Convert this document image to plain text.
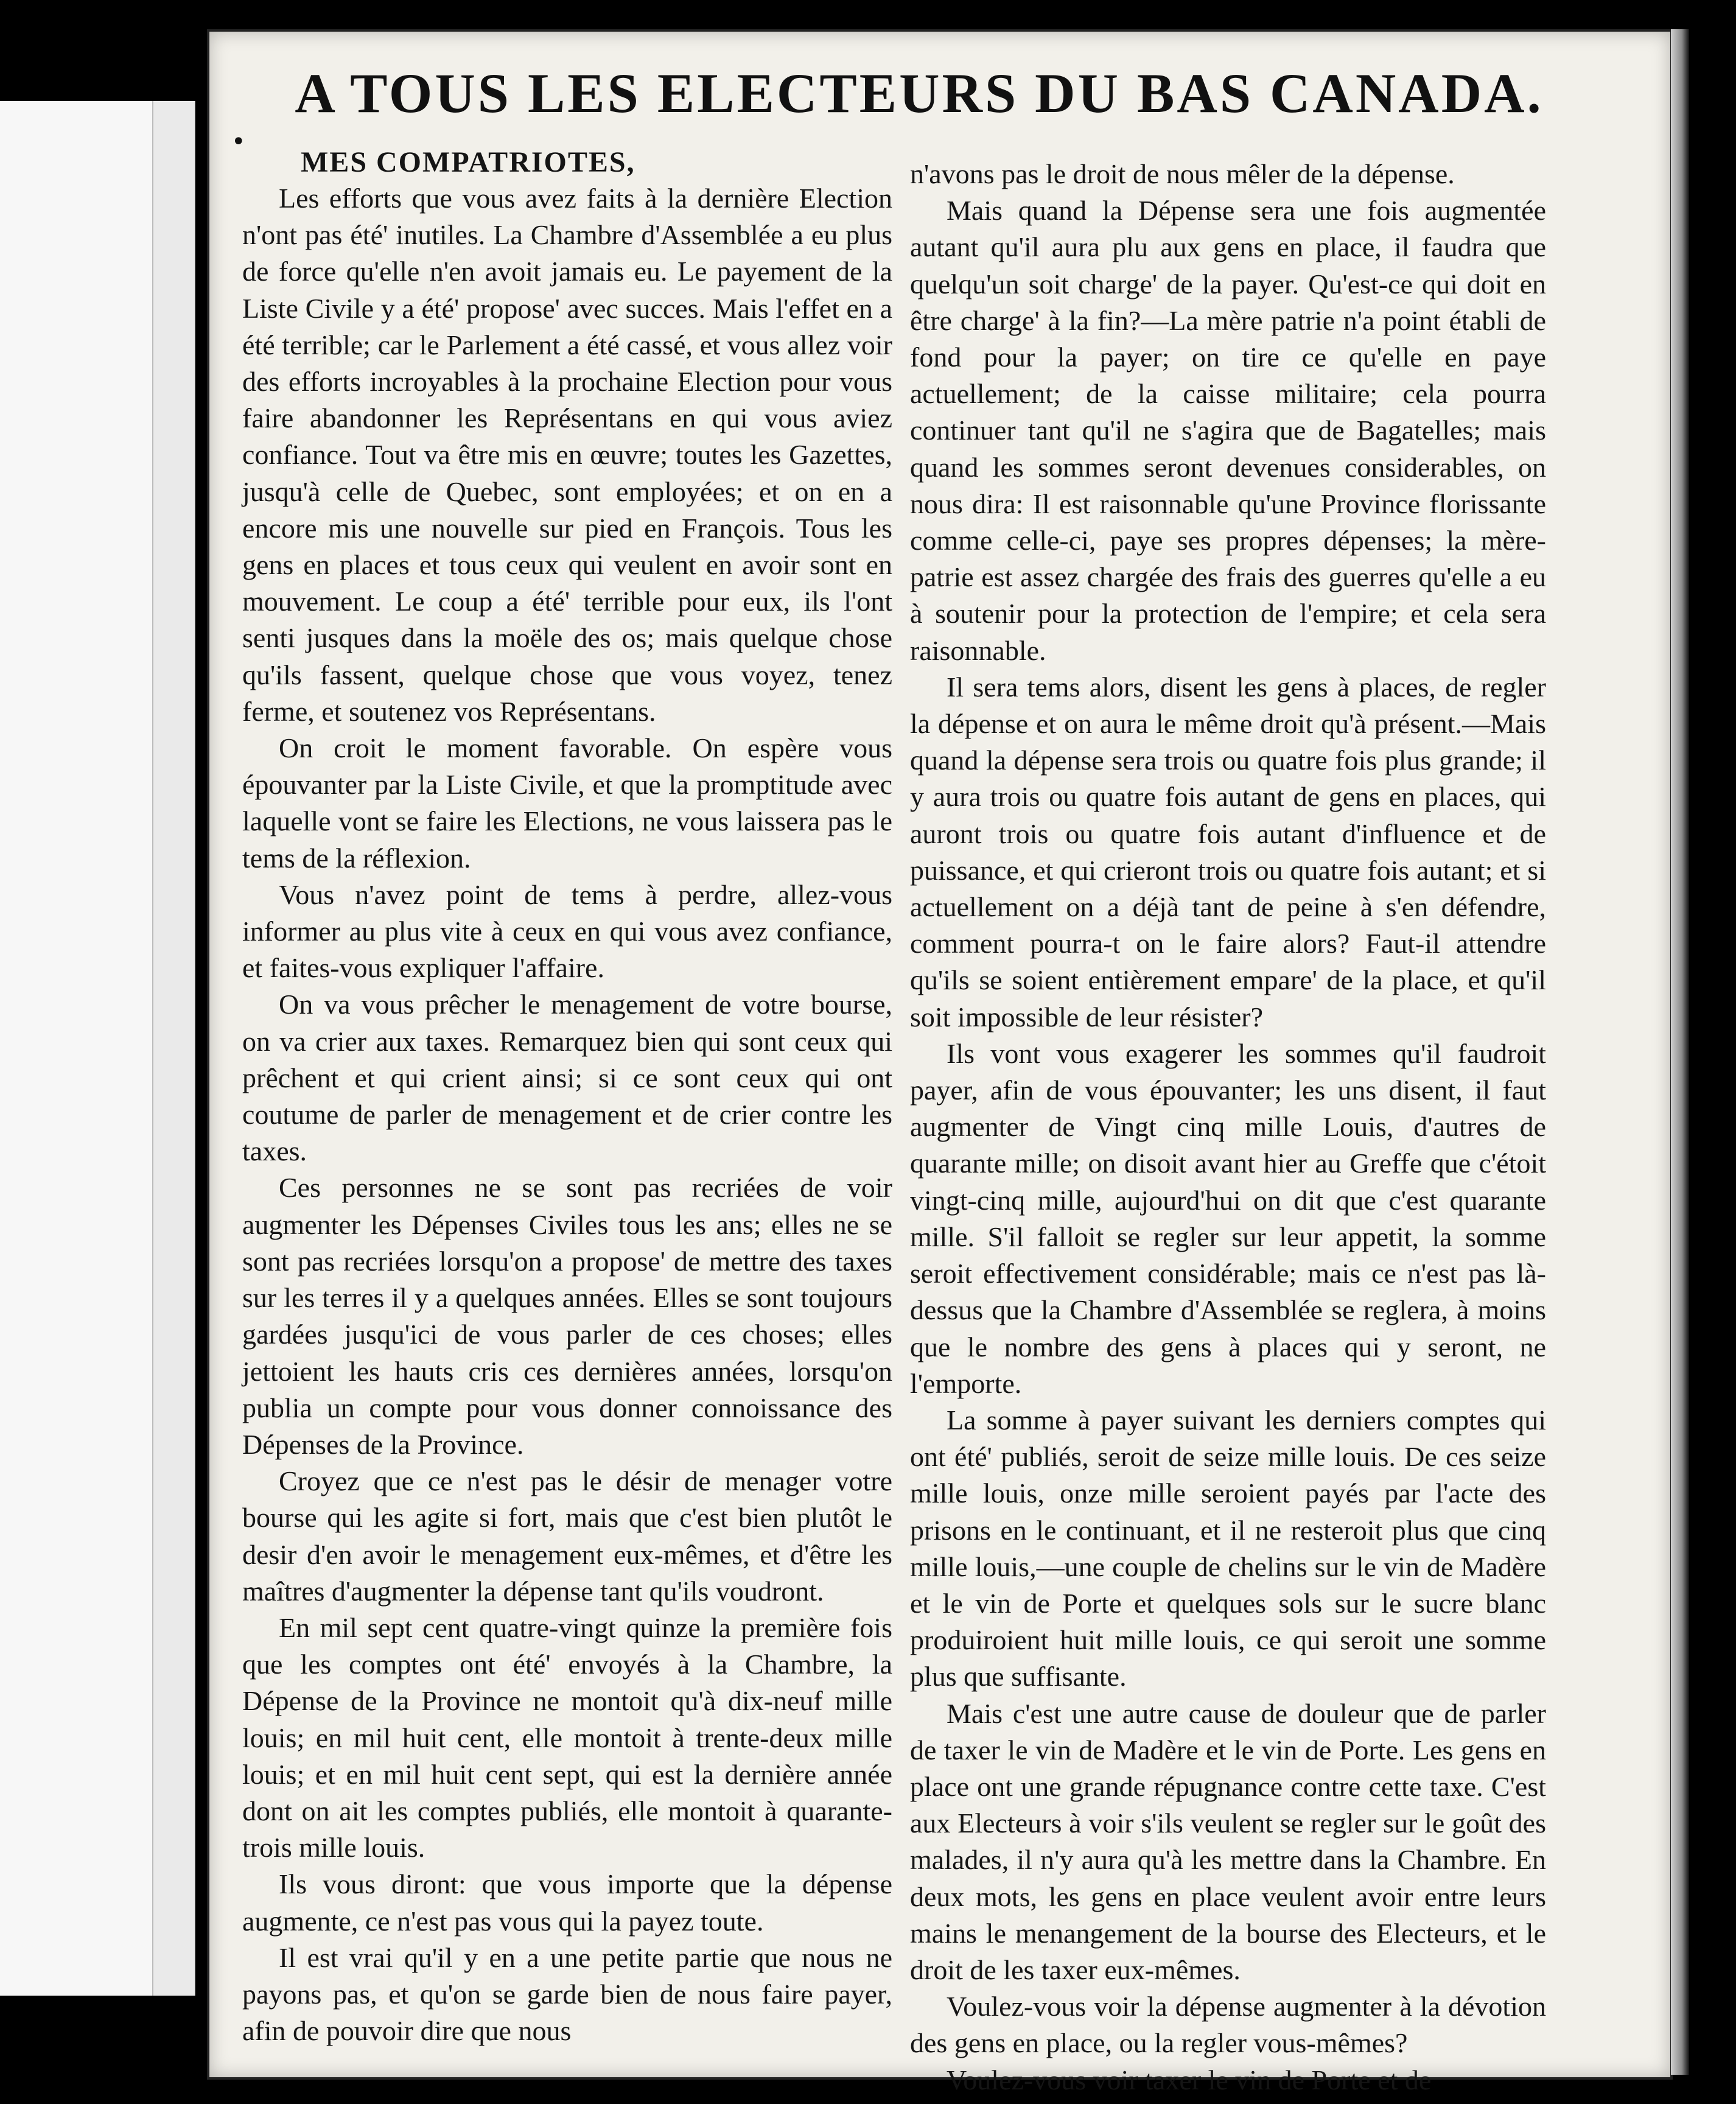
A TOUS LES ELECTEURS DU BAS CANADA.
•
MES COMPATRIOTES,

Les efforts que vous avez faits à la dernière Election n'ont pas été' inutiles. La Chambre d'Assemblée a eu plus de force qu'elle n'en avoit jamais eu. Le payement de la Liste Civile y a été' propose' avec succes. Mais l'effet en a été terrible; car le Parlement a été cassé, et vous allez voir des efforts incroyables à la prochaine Election pour vous faire abandonner les Représentans en qui vous aviez confiance. Tout va être mis en œuvre; toutes les Gazettes, jusqu'à celle de Quebec, sont employées; et on en a encore mis une nouvelle sur pied en François. Tous les gens en places et tous ceux qui veulent en avoir sont en mouvement. Le coup a été' terrible pour eux, ils l'ont senti jusques dans la moële des os; mais quelque chose qu'ils fassent, quelque chose que vous voyez, tenez ferme, et soutenez vos Représentans.

On croit le moment favorable. On espère vous épouvanter par la Liste Civile, et que la promptitude avec laquelle vont se faire les Elections, ne vous laissera pas le tems de la réflexion.

Vous n'avez point de tems à perdre, allez-vous informer au plus vite à ceux en qui vous avez confiance, et faites-vous expliquer l'affaire.

On va vous prêcher le menagement de votre bourse, on va crier aux taxes. Remarquez bien qui sont ceux qui prêchent et qui crient ainsi; si ce sont ceux qui ont coutume de parler de menagement et de crier contre les taxes.

Ces personnes ne se sont pas recriées de voir augmenter les Dépenses Civiles tous les ans; elles ne se sont pas recriées lorsqu'on a propose' de mettre des taxes sur les terres il y a quelques années. Elles se sont toujours gardées jusqu'ici de vous parler de ces choses; elles jettoient les hauts cris ces dernières années, lorsqu'on publia un compte pour vous donner connoissance des Dépenses de la Province.

Croyez que ce n'est pas le désir de menager votre bourse qui les agite si fort, mais que c'est bien plutôt le desir d'en avoir le menagement eux-mêmes, et d'être les maîtres d'augmenter la dépense tant qu'ils voudront.

En mil sept cent quatre-vingt quinze la première fois que les comptes ont été' envoyés à la Chambre, la Dépense de la Province ne montoit qu'à dix-neuf mille louis; en mil huit cent, elle montoit à trente-deux mille louis; et en mil huit cent sept, qui est la dernière année dont on ait les comptes publiés, elle montoit à quarante-trois mille louis.

Ils vous diront: que vous importe que la dépense augmente, ce n'est pas vous qui la payez toute.

Il est vrai qu'il y en a une petite partie que nous ne payons pas, et qu'on se garde bien de nous faire payer, afin de pouvoir dire que nous

n'avons pas le droit de nous mêler de la dépense.

Mais quand la Dépense sera une fois augmentée autant qu'il aura plu aux gens en place, il faudra que quelqu'un soit charge' de la payer. Qu'est-ce qui doit en être charge' à la fin?—La mère patrie n'a point établi de fond pour la payer; on tire ce qu'elle en paye actuellement; de la caisse militaire; cela pourra continuer tant qu'il ne s'agira que de Bagatelles; mais quand les sommes seront devenues considerables, on nous dira: Il est raisonnable qu'une Province florissante comme celle-ci, paye ses propres dépenses; la mère-patrie est assez chargée des frais des guerres qu'elle a eu à soutenir pour la protection de l'empire; et cela sera raisonnable.

Il sera tems alors, disent les gens à places, de regler la dépense et on aura le même droit qu'à présent.—Mais quand la dépense sera trois ou quatre fois plus grande; il y aura trois ou quatre fois autant de gens en places, qui auront trois ou quatre fois autant d'influence et de puissance, et qui crieront trois ou quatre fois autant; et si actuellement on a déjà tant de peine à s'en défendre, comment pourra-t on le faire alors? Faut-il attendre qu'ils se soient entièrement empare' de la place, et qu'il soit impossible de leur résister?

Ils vont vous exagerer les sommes qu'il faudroit payer, afin de vous épouvanter; les uns disent, il faut augmenter de Vingt cinq mille Louis, d'autres de quarante mille; on disoit avant hier au Greffe que c'étoit vingt-cinq mille, aujourd'hui on dit que c'est quarante mille. S'il falloit se regler sur leur appetit, la somme seroit effectivement considérable; mais ce n'est pas là-dessus que la Chambre d'Assemblée se reglera, à moins que le nombre des gens à places qui y seront, ne l'emporte.

La somme à payer suivant les derniers comptes qui ont été' publiés, seroit de seize mille louis. De ces seize mille louis, onze mille seroient payés par l'acte des prisons en le continuant, et il ne resteroit plus que cinq mille louis,—une couple de chelins sur le vin de Madère et le vin de Porte et quelques sols sur le sucre blanc produiroient huit mille louis, ce qui seroit une somme plus que suffisante.

Mais c'est une autre cause de douleur que de parler de taxer le vin de Madère et le vin de Porte. Les gens en place ont une grande répugnance contre cette taxe. C'est aux Electeurs à voir s'ils veulent se regler sur le goût des malades, il n'y aura qu'à les mettre dans la Chambre. En deux mots, les gens en place veulent avoir entre leurs mains le menangement de la bourse des Electeurs, et le droit de les taxer eux-mêmes.

Voulez-vous voir la dépense augmenter à la dévotion des gens en place, ou la regler vous-mêmes?

Voulez-vous voir taxer le vin de Porte et de
